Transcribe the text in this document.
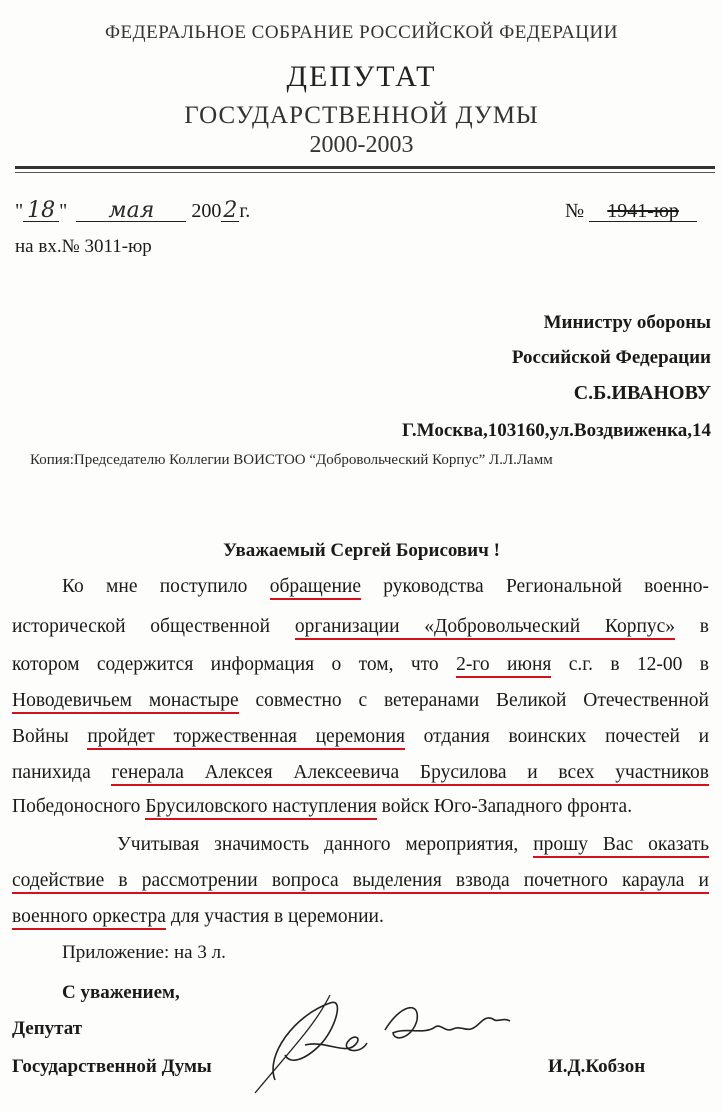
ФЕДЕРАЛЬНОЕ СОБРАНИЕ РОССИЙСКОЙ ФЕДЕРАЦИИ
ДЕПУТАТ
ГОСУДАРСТВЕННОЙ ДУМЫ
2000-2003
" 18 " мая 2002 г.	№ 1941-юр
на вх.№ 3011-юр
Министру обороны
Российской Федерации
С.Б.ИВАНОВУ
Г.Москва,103160,ул.Воздвиженка,14
Копия:Председателю Коллегии ВОИСТОО “Добровольческий Корпус” Л.Л.Ламм
Уважаемый Сергей Борисович !
Ко мне поступило обращение руководства Региональной военно-
исторической общественной организации «Добровольческий Корпус» в
котором содержится информация о том, что 2-го июня с.г. в 12-00 в
Новодевичьем монастыре совместно с ветеранами Великой Отечественной
Войны пройдет торжественная церемония отдания воинских почестей и
панихида генерала Алексея Алексеевича Брусилова и всех участников
Победоносного Брусиловского наступления войск Юго-Западного фронта.
Учитывая значимость данного мероприятия, прошу Вас оказать
содействие в рассмотрении вопроса выделения взвода почетного караула и
военного оркестра для участия в церемонии.
Приложение: на 3 л.
С уважением,
Депутат
Государственной Думы	И.Д.Кобзон
